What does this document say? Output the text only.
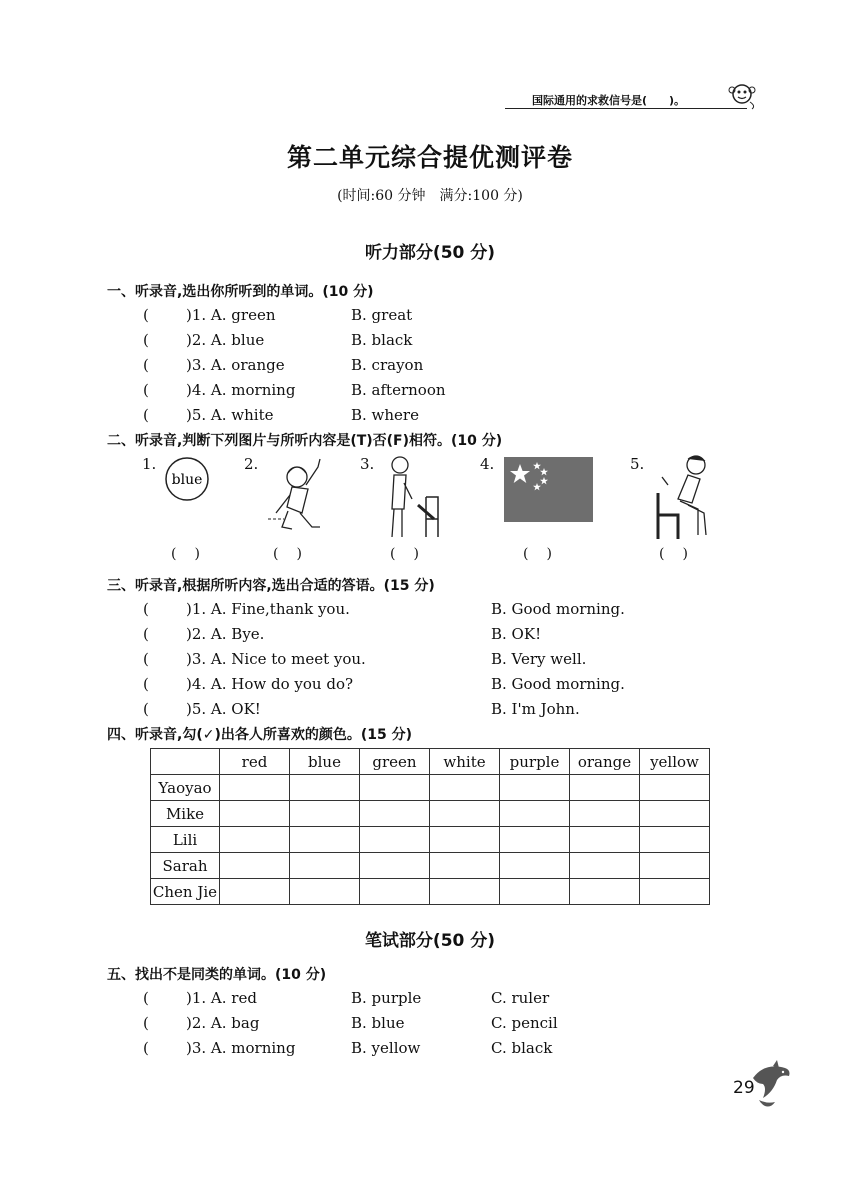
国际通用的求救信号是(　　)。
第二单元综合提优测评卷
(时间:60 分钟　满分:100 分)
听力部分(50 分)
一、听录音,选出你所听到的单词。(10 分)
( )1. A. green	B. great
( )2. A. blue	B. black
( )3. A. orange	B. crayon
( )4. A. morning	B. afternoon
( )5. A. white	B. where
二、听录音,判断下列图片与所听内容是(T)否(F)相符。(10 分)
1.
blue
2.	3.	4.	5.
()	()	()	()	()
三、听录音,根据所听内容,选出合适的答语。(15 分)
( )1. A. Fine,thank you.	B. Good morning.
( )2. A. Bye.	B. OK!
( )3. A. Nice to meet you.	B. Very well.
( )4. A. How do you do?	B. Good morning.
( )5. A. OK!	B. I'm John.
四、听录音,勾(✓)出各人所喜欢的颜色。(15 分)
	red	blue	green	white	purple	orange	yellow
Yaoyao							
Mike							
Lili							
Sarah							
Chen Jie							
笔试部分(50 分)
五、找出不是同类的单词。(10 分)
( )1. A. red	B. purple	C. ruler
( )2. A. bag	B. blue	C. pencil
( )3. A. morning	B. yellow	C. black
29
